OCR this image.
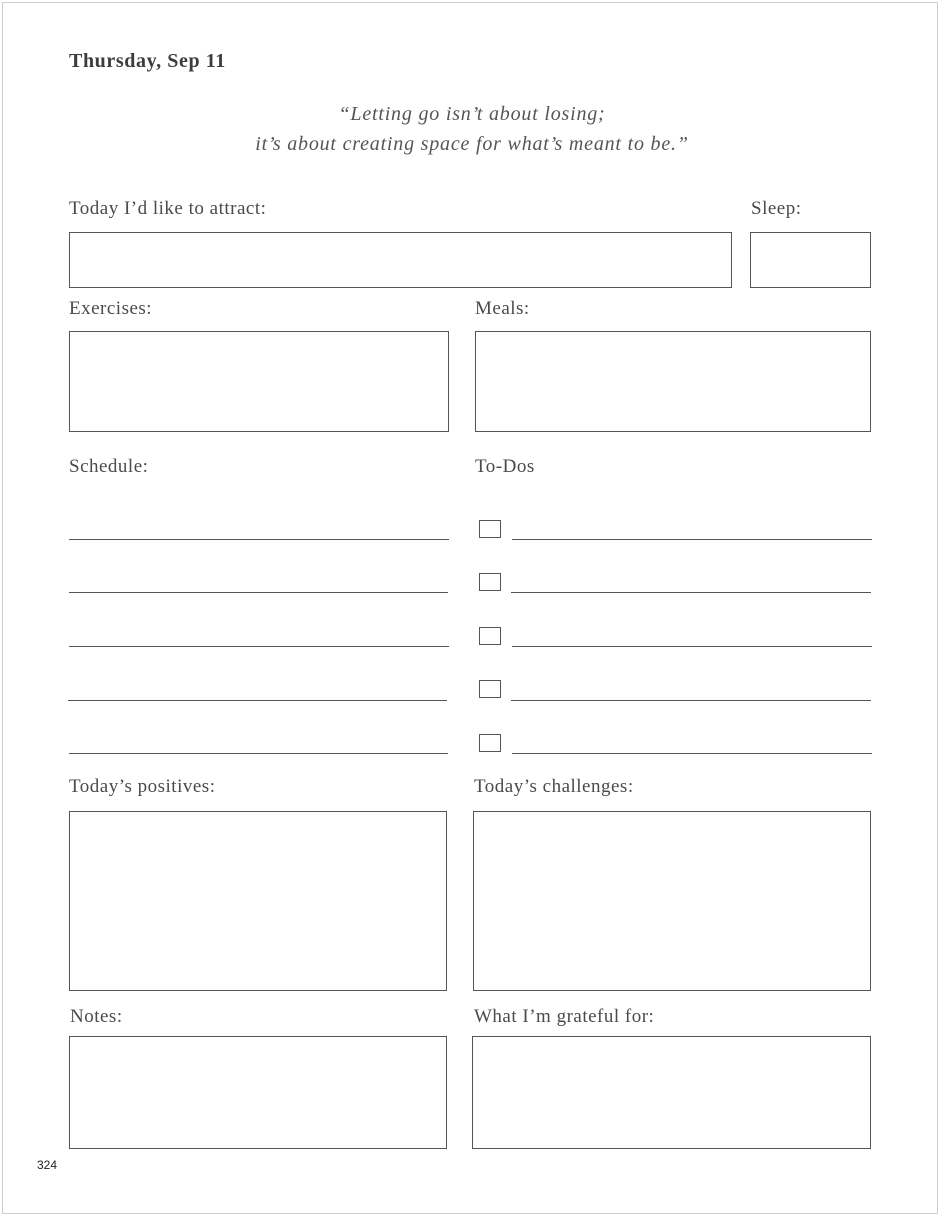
Thursday, Sep 11
“Letting go isn’t about losing;
it’s about creating space for what’s meant to be.”
Today I’d like to attract:	Sleep:
Exercises:	Meals:
Schedule:	To-Dos
Today’s positives:	Today’s challenges:
Notes:	What I’m grateful for:
324
